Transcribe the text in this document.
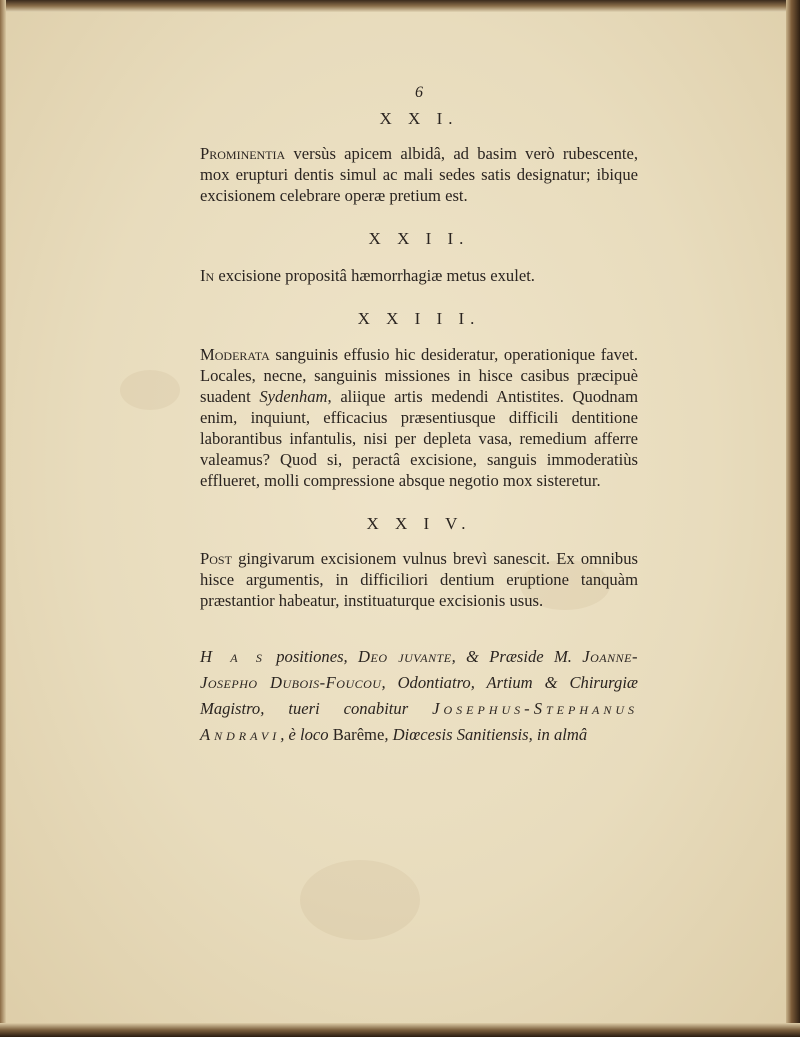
6
X X I.

Prominentia versùs apicem albidâ, ad basim verò rubescente, mox erupturi dentis simul ac mali sedes satis designatur; ibique excisionem celebrare operæ pretium est.

X X I I.

In excisione propositâ hæmorrhagiæ metus exulet.

X X I I I.

Moderata sanguinis effusio hic desideratur, operationique favet. Locales, necne, sanguinis missiones in hisce casibus præcipuè suadent Sydenham, aliique artis medendi Antistites. Quodnam enim, inquiunt, efficacius præsentiusque difficili dentitione laborantibus infantulis, nisi per depleta vasa, remedium afferre valeamus? Quod si, peractâ excisione, sanguis immoderatiùs efflueret, molli compressione absque negotio mox sisteretur.

X X I V.

Post gingivarum excisionem vulnus brevì sanescit. Ex omnibus hisce argumentis, in difficiliori dentium eruptione tanquàm præstantior habeatur, instituaturque excisionis usus.

H a s positiones, Deo juvante, & Præside M. Joanne-Josepho Dubois-Foucou, Odontiatro, Artium & Chirurgiæ Magistro, tueri conabitur Josephus-Stephanus Andravi, è loco Barême, Diœcesis Sanitiensis, in almâ
